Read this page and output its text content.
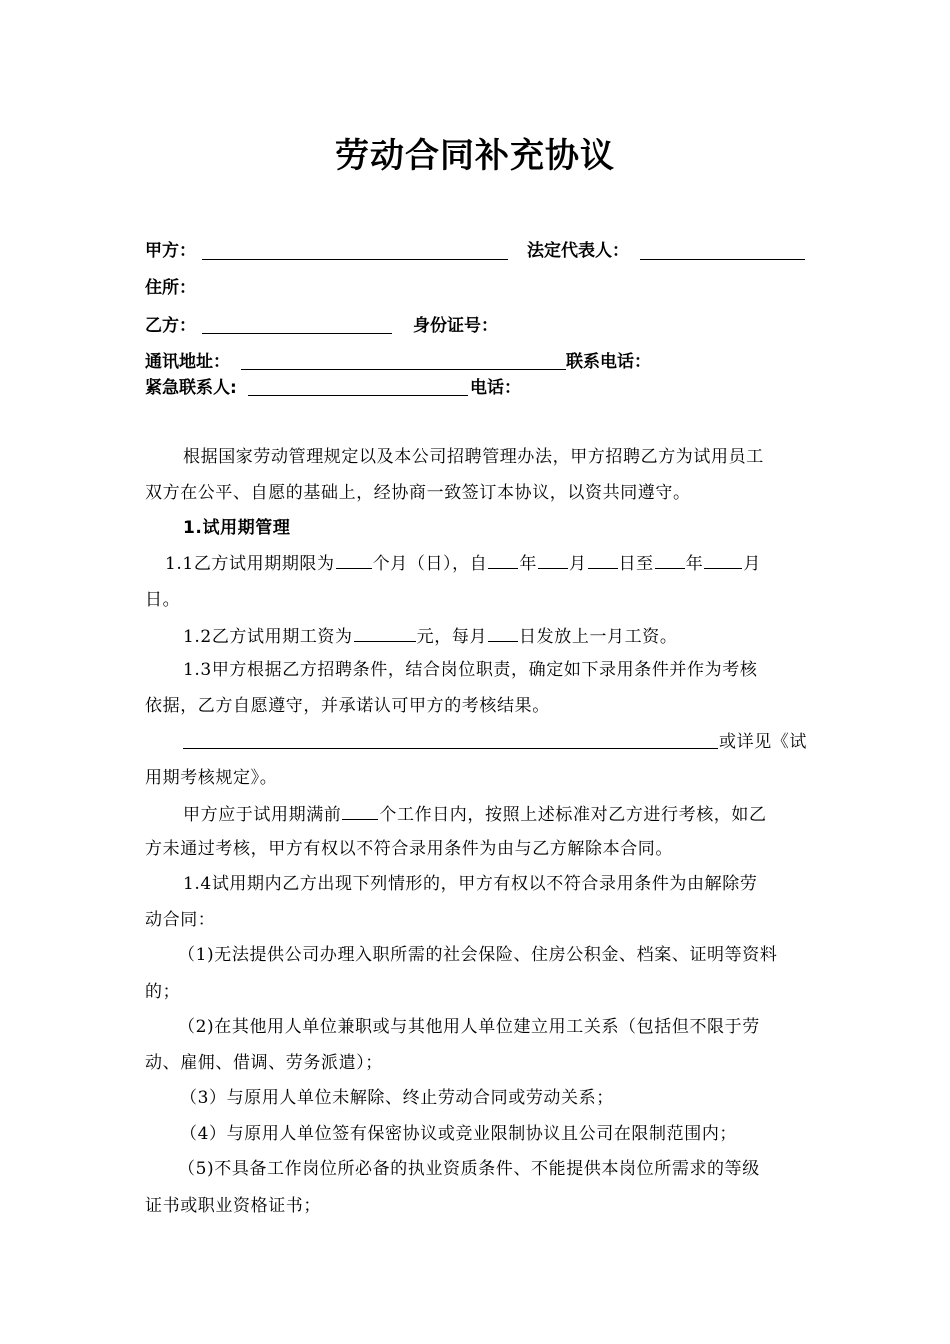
劳动合同补充协议
甲方：	法定代表人：
住所：
乙方：	身份证号：
通讯地址：	联系电话：
紧急联系人:	电话：
根据国家劳动管理规定以及本公司招聘管理办法，甲方招聘乙方为试用员工
双方在公平、自愿的基础上，经协商一致签订本协议，以资共同遵守。
1.试用期管理
1.1乙方试用期期限为 个月（日），自 年 月 日至 年 月
日。
1.2乙方试用期工资为	元，每月 日发放上一月工资。
1.3甲方根据乙方招聘条件，结合岗位职责，确定如下录用条件并作为考核
依据，乙方自愿遵守，并承诺认可甲方的考核结果。
或详见《试
用期考核规定》。
甲方应于试用期满前 个工作日内，按照上述标准对乙方进行考核，如乙
方未通过考核，甲方有权以不符合录用条件为由与乙方解除本合同。
1.4试用期内乙方出现下列情形的，甲方有权以不符合录用条件为由解除劳
动合同：
（1)无法提供公司办理入职所需的社会保险、住房公积金、档案、证明等资料
的；
（2)在其他用人单位兼职或与其他用人单位建立用工关系（包括但不限于劳
动、雇佣、借调、劳务派遣）；
（3）与原用人单位未解除、终止劳动合同或劳动关系；
（4）与原用人单位签有保密协议或竞业限制协议且公司在限制范围内；
（5)不具备工作岗位所必备的执业资质条件、不能提供本岗位所需求的等级
证书或职业资格证书；
